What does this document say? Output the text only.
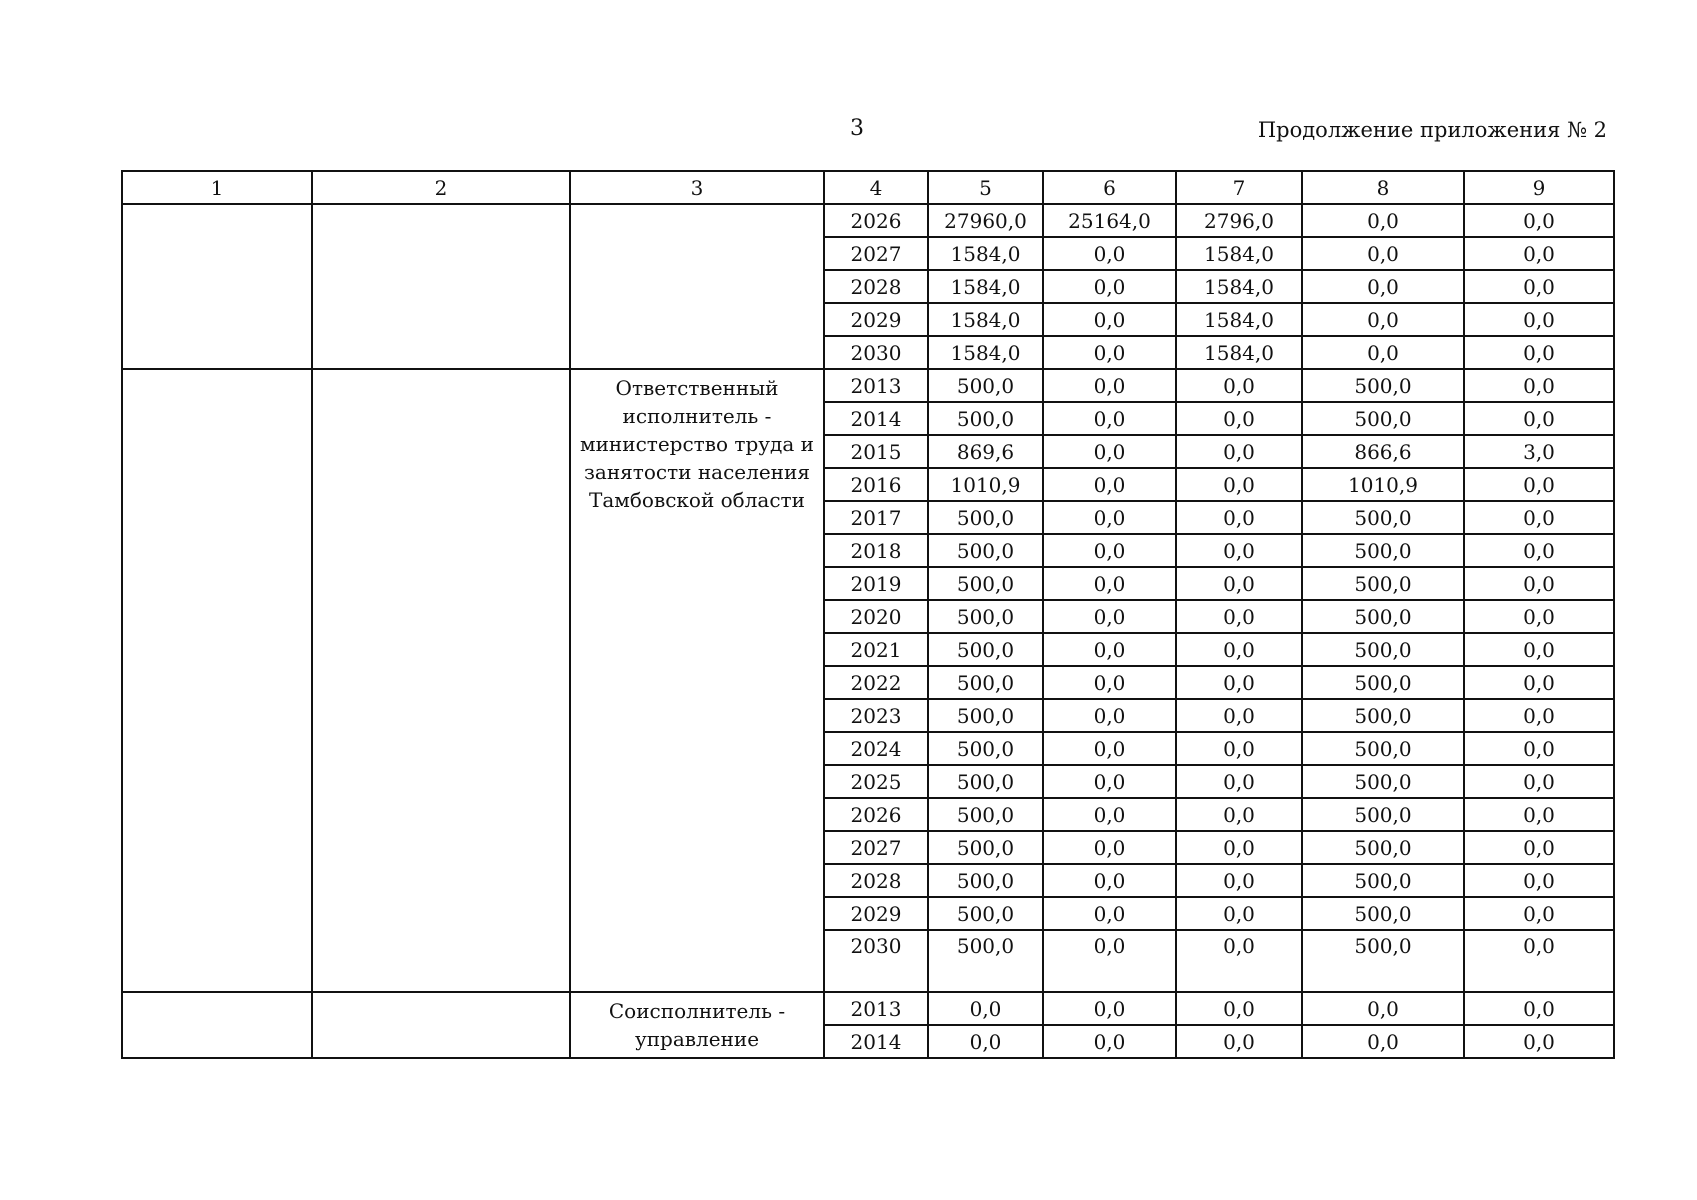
3	Продолжение приложения № 2
1	2	3	4	5	6	7	8	9
			2026	27960,0	25164,0	2796,0	0,0	0,0
			2027	1584,0	0,0	1584,0	0,0	0,0
			2028	1584,0	0,0	1584,0	0,0	0,0
			2029	1584,0	0,0	1584,0	0,0	0,0
			2030	1584,0	0,0	1584,0	0,0	0,0
		Ответственный исполнитель - министерство труда и занятости населения Тамбовской области	2013	500,0	0,0	0,0	500,0	0,0
			2014	500,0	0,0	0,0	500,0	0,0
			2015	869,6	0,0	0,0	866,6	3,0
			2016	1010,9	0,0	0,0	1010,9	0,0
			2017	500,0	0,0	0,0	500,0	0,0
			2018	500,0	0,0	0,0	500,0	0,0
			2019	500,0	0,0	0,0	500,0	0,0
			2020	500,0	0,0	0,0	500,0	0,0
			2021	500,0	0,0	0,0	500,0	0,0
			2022	500,0	0,0	0,0	500,0	0,0
			2023	500,0	0,0	0,0	500,0	0,0
			2024	500,0	0,0	0,0	500,0	0,0
			2025	500,0	0,0	0,0	500,0	0,0
			2026	500,0	0,0	0,0	500,0	0,0
			2027	500,0	0,0	0,0	500,0	0,0
			2028	500,0	0,0	0,0	500,0	0,0
			2029	500,0	0,0	0,0	500,0	0,0
			2030	500,0	0,0	0,0	500,0	0,0
		Соисполнитель - управление	2013	0,0	0,0	0,0	0,0	0,0
			2014	0,0	0,0	0,0	0,0	0,0
